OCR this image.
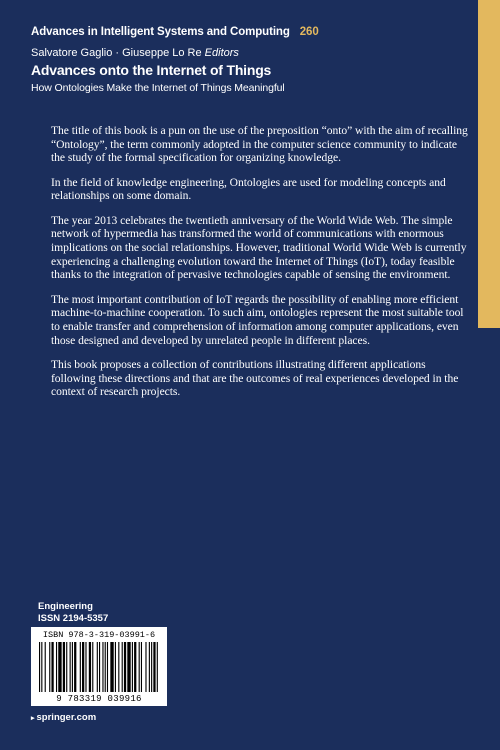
Advances in Intelligent Systems and Computing 260
Salvatore Gaglio · Giuseppe Lo Re Editors
Advances onto the Internet of Things
How Ontologies Make the Internet of Things Meaningful

The title of this book is a pun on the use of the preposition “onto” with the aim of recalling “Ontology”, the term commonly adopted in the computer science community to indicate the study of the formal specification for organizing knowledge.

In the field of knowledge engineering, Ontologies are used for modeling concepts and relationships on some domain.

The year 2013 celebrates the twentieth anniversary of the World Wide Web. The simple network of hypermedia has transformed the world of communications with enormous implications on the social relationships. However, traditional World Wide Web is currently experiencing a challenging evolution toward the Internet of Things (IoT), today feasible thanks to the integration of pervasive technologies capable of sensing the environment.

The most important contribution of IoT regards the possibility of enabling more efficient machine-to-machine cooperation. To such aim, ontologies represent the most suitable tool to enable transfer and comprehension of information among computer applications, even those designed and developed by unrelated people in different places.

This book proposes a collection of contributions illustrating different applications following these directions and that are the outcomes of real experiences developed in the context of research projects.

Engineering
ISSN 2194-5357
ISBN 978-3-319-03991-6
9 783319 039916
▸ springer.com
